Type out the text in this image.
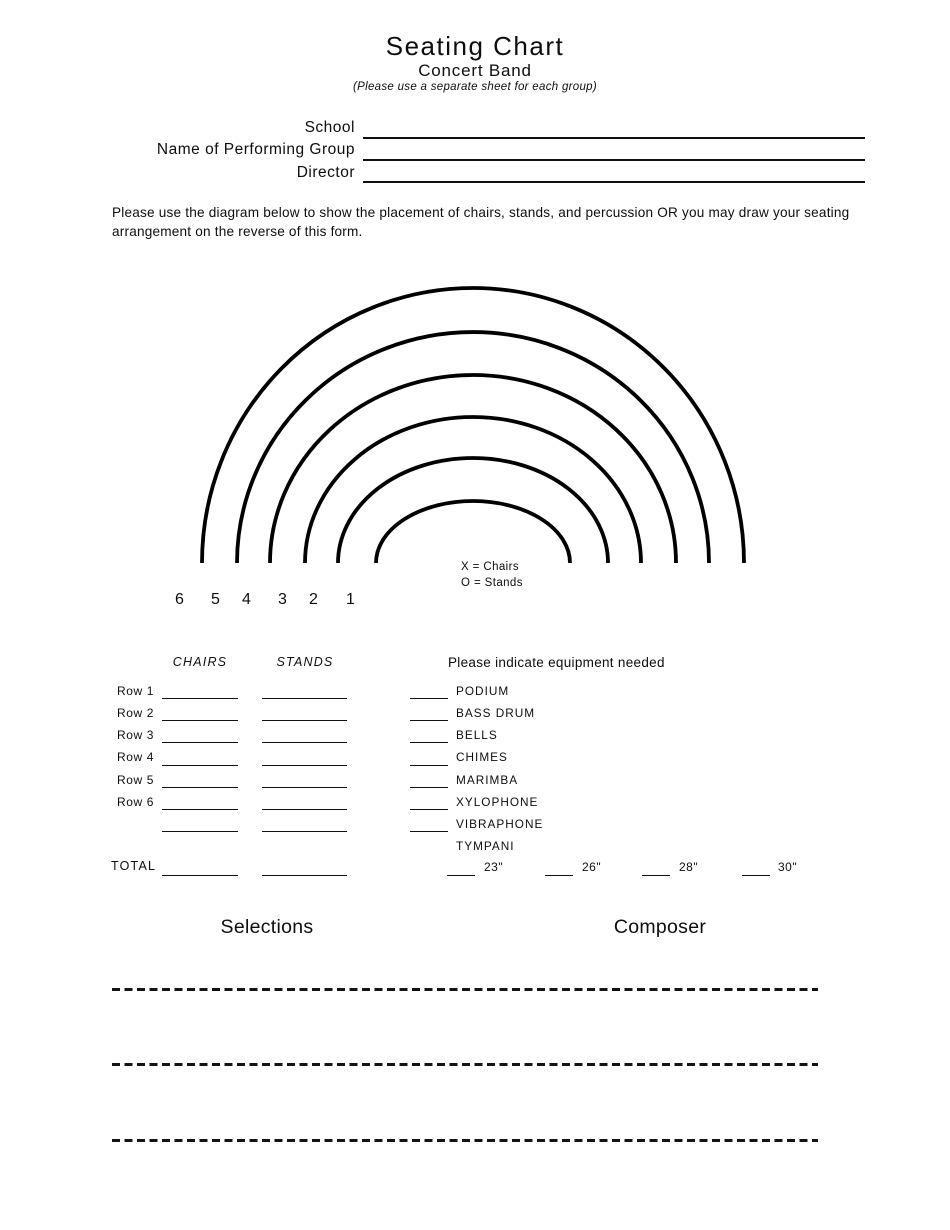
Seating Chart
Concert Band
(Please use a separate sheet for each group)
School
Name of Performing Group
Director
Please use the diagram below to show the placement of chairs, stands, and percussion OR you may draw your seating arrangement on the reverse of this form.
X = Chairs
O = Stands
6 5 4 3 2 1
CHAIRS	STANDS
Row 1
Row 2
Row 3
Row 4
Row 5
Row 6
TOTAL
Please indicate equipment needed
PODIUM
BASS DRUM
BELLS
CHIMES
MARIMBA
XYLOPHONE
VIBRAPHONE
TYMPANI
23"	26"	28"	30"
Selections	Composer
